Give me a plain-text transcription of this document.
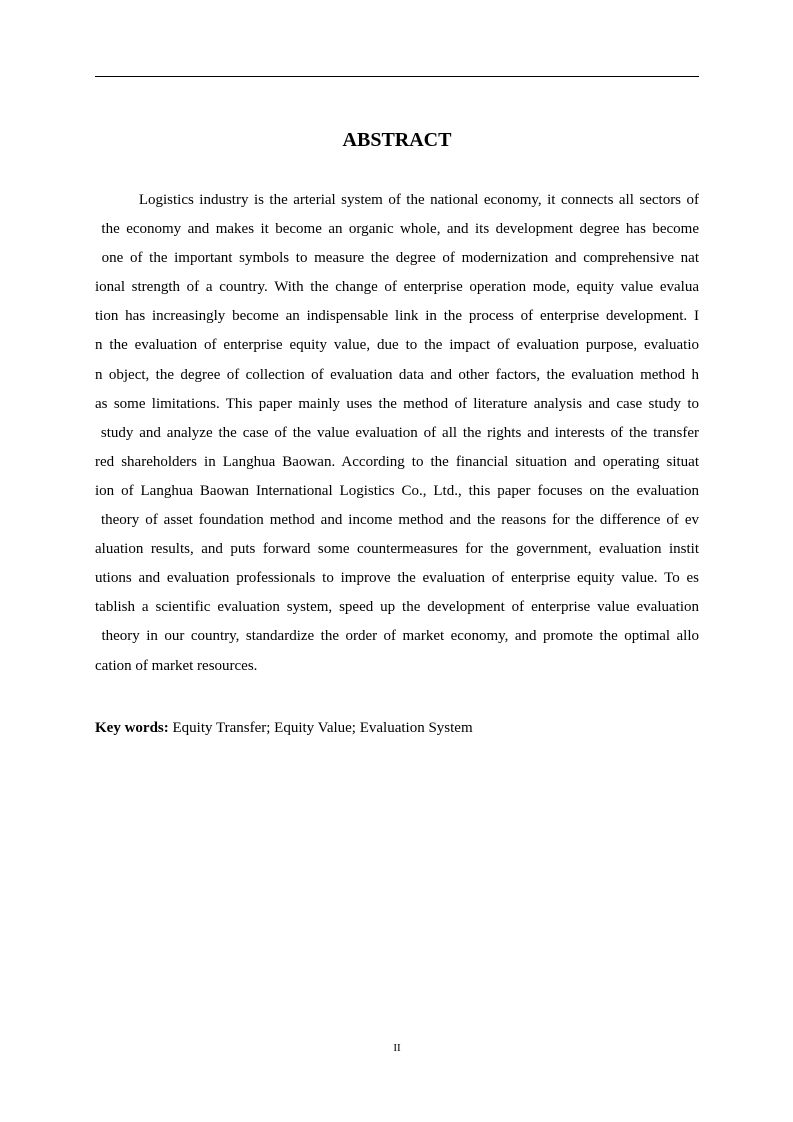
ABSTRACT
Logistics industry is the arterial system of the national economy, it connects all sectors of
the economy and makes it become an organic whole, and its development degree has become
one of the important symbols to measure the degree of modernization and comprehensive nat
ional strength of a country. With the change of enterprise operation mode, equity value evalua
tion has increasingly become an indispensable link in the process of enterprise development. I
n the evaluation of enterprise equity value, due to the impact of evaluation purpose, evaluatio
n object, the degree of collection of evaluation data and other factors, the evaluation method h
as some limitations. This paper mainly uses the method of literature analysis and case study to
study and analyze the case of the value evaluation of all the rights and interests of the transfer
red shareholders in Langhua Baowan. According to the financial situation and operating situat
ion of Langhua Baowan International Logistics Co., Ltd., this paper focuses on the evaluation
theory of asset foundation method and income method and the reasons for the difference of ev
aluation results, and puts forward some countermeasures for the government, evaluation instit
utions and evaluation professionals to improve the evaluation of enterprise equity value. To es
tablish a scientific evaluation system, speed up the development of enterprise value evaluation
theory in our country, standardize the order of market economy, and promote the optimal allo
cation of market resources.
Key words: Equity Transfer; Equity Value; Evaluation System
II
